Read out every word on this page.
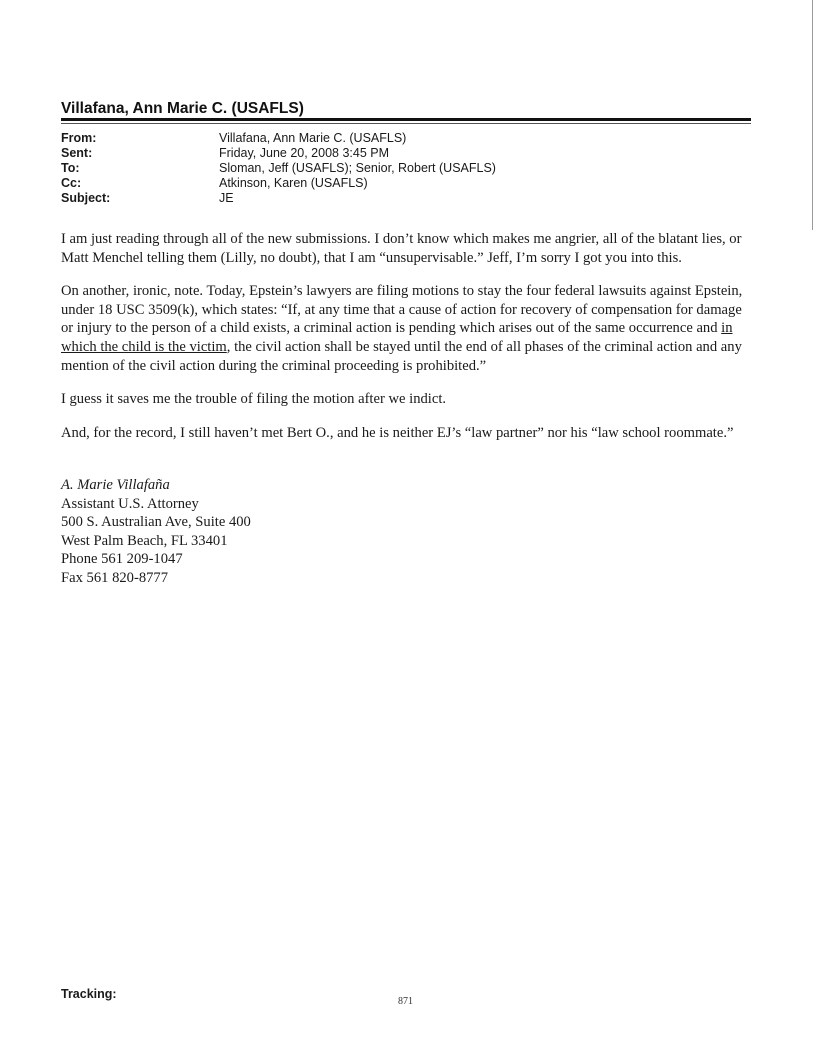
Villafana, Ann Marie C. (USAFLS)
From:	Villafana, Ann Marie C. (USAFLS)
Sent:	Friday, June 20, 2008 3:45 PM
To:	Sloman, Jeff (USAFLS); Senior, Robert (USAFLS)
Cc:	Atkinson, Karen (USAFLS)
Subject:	JE

I am just reading through all of the new submissions. I don’t know which makes me angrier, all of the blatant lies, or Matt Menchel telling them (Lilly, no doubt), that I am “unsupervisable.” Jeff, I’m sorry I got you into this.

On another, ironic, note. Today, Epstein’s lawyers are filing motions to stay the four federal lawsuits against Epstein, under 18 USC 3509(k), which states: “If, at any time that a cause of action for recovery of compensation for damage or injury to the person of a child exists, a criminal action is pending which arises out of the same occurrence and in which the child is the victim, the civil action shall be stayed until the end of all phases of the criminal action and any mention of the civil action during the criminal proceeding is prohibited.”

I guess it saves me the trouble of filing the motion after we indict.

And, for the record, I still haven’t met Bert O., and he is neither EJ’s “law partner” nor his “law school roommate.”

A. Marie Villafaña
Assistant U.S. Attorney
500 S. Australian Ave, Suite 400
West Palm Beach, FL 33401
Phone 561 209-1047
Fax 561 820-8777
Tracking:
871
